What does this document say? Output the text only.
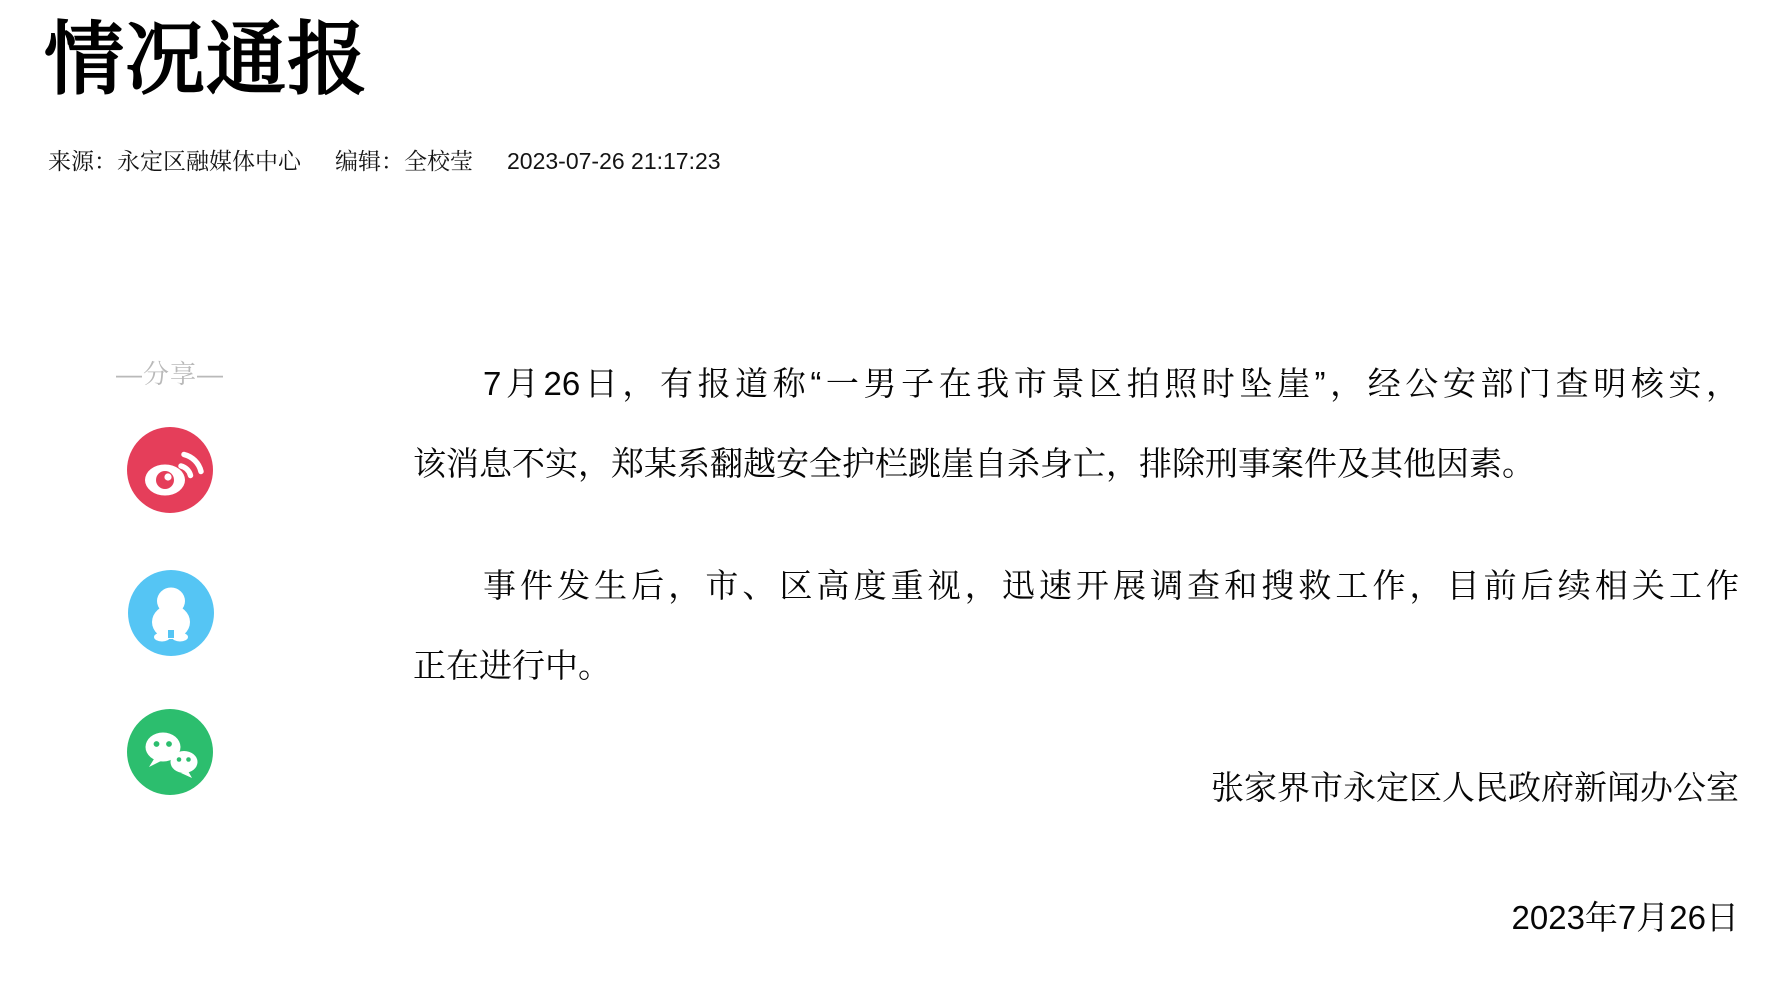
情况通报
来源：永定区融媒体中心 编辑：全校莹 2023-07-26 21:17:23
—分享—	7月26日，有报道称“一男子在我市景区拍照时坠崖”，经公安部门查明核实，
该消息不实，郑某系翻越安全护栏跳崖自杀身亡，排除刑事案件及其他因素。

事件发生后，市、区高度重视，迅速开展调查和搜救工作，目前后续相关工作
正在进行中。

张家界市永定区人民政府新闻办公室
2023年7月26日
